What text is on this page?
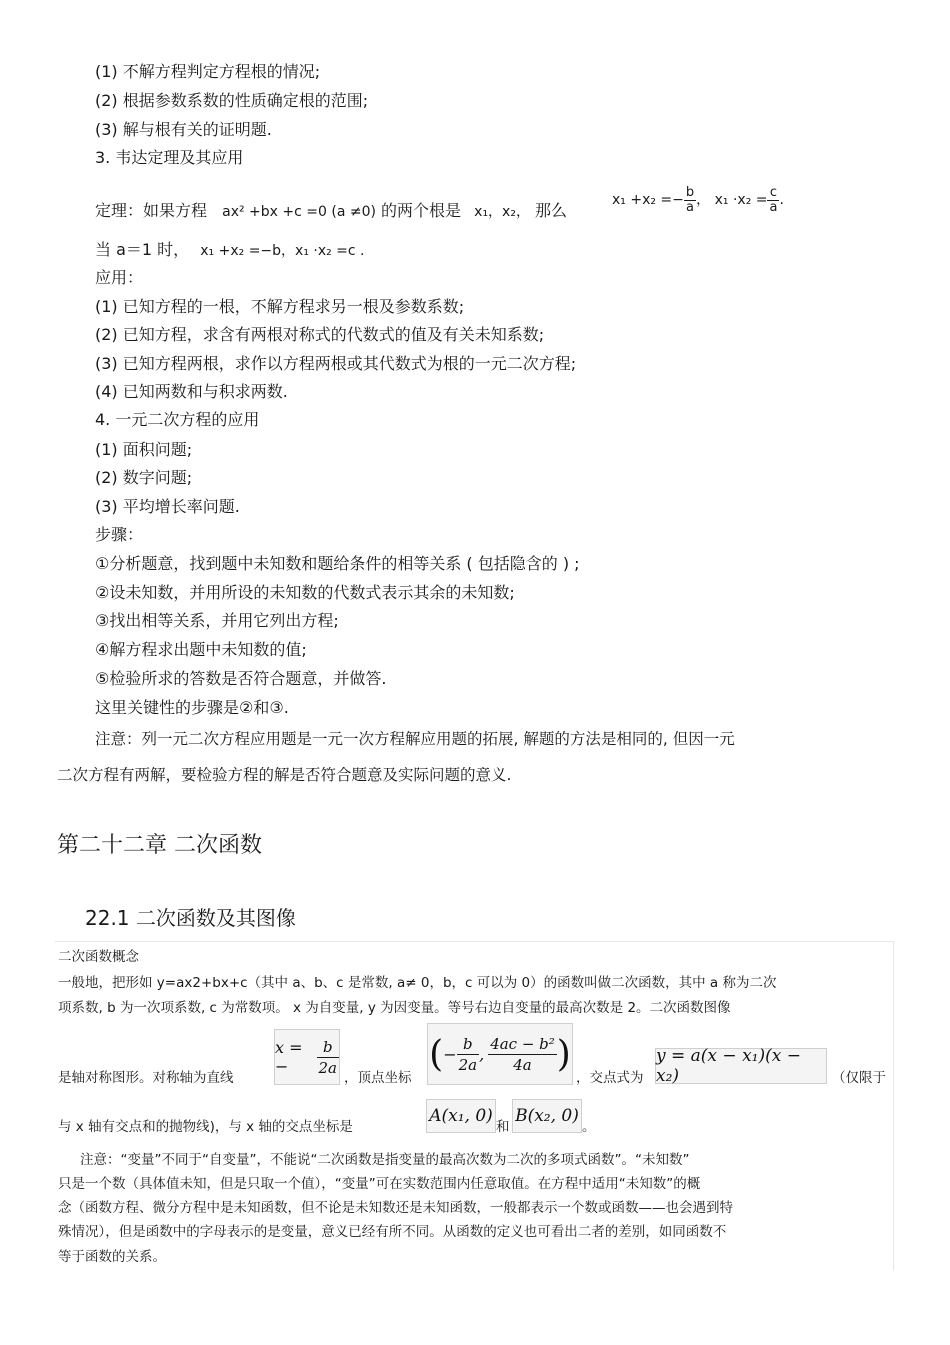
(1) 不解方程判定方程根的情况;
(2) 根据参数系数的性质确定根的范围;
(3) 解与根有关的证明题.
3. 韦达定理及其应用
定理：如果方程 ax² +bx +c =0 (a ≠0) 的两个根是 x₁，x₂， 那么
$x_1 +x_2 =- \frac{b}{a}$ ， $x_1 \cdot x_2 = \frac{c}{a}$ .
当 a＝1 时， x₁ +x₂ =−b，x₁ ·x₂ =c .
应用：
(1) 已知方程的一根，不解方程求另一根及参数系数;
(2) 已知方程，求含有两根对称式的代数式的值及有关未知系数;
(3) 已知方程两根，求作以方程两根或其代数式为根的一元二次方程;
(4) 已知两数和与积求两数.
4. 一元二次方程的应用
(1) 面积问题;
(2) 数字问题;
(3) 平均增长率问题.
步骤：
①分析题意，找到题中未知数和题给条件的相等关系 ( 包括隐含的 ) ;
②设未知数，并用所设的未知数的代数式表示其余的未知数;
③找出相等关系，并用它列出方程;
④解方程求出题中未知数的值;
⑤检验所求的答数是否符合题意，并做答.
这里关键性的步骤是②和③.
注意：列一元二次方程应用题是一元一次方程解应用题的拓展, 解题的方法是相同的, 但因一元
二次方程有两解，要检验方程的解是否符合题意及实际问题的意义.
第二十二章 二次函数
22.1 二次函数及其图像
二次函数概念
一般地，把形如 y=ax2+bx+c（其中 a、b、c 是常数, a≠ 0，b，c 可以为 0）的函数叫做二次函数，其中 a 称为二次
项系数, b 为一次项系数, c 为常数项。 x 为自变量, y 为因变量。等号右边自变量的最高次数是 2。二次函数图像
是轴对称图形。对称轴为直线
x = −	$\frac{b}{2a}$
，顶点坐标
( − $\frac{b}{2a}$ , $\frac{\text{4ac − b²}}{4a}$ )
，交点式为
y = a(x − x₁)(x − x₂)	（仅限于
与 x 轴有交点和的抛物线)，与 x 轴的交点坐标是
A(x₁, 0)
和
B(x₂, 0)
。
注意：“变量”不同于“自变量”，不能说“二次函数是指变量的最高次数为二次的多项式函数”。“未知数”
只是一个数（具体值未知，但是只取一个值），“变量”可在实数范围内任意取值。在方程中适用“未知数”的概
念（函数方程、微分方程中是未知函数，但不论是未知数还是未知函数，一般都表示一个数或函数——也会遇到特
殊情况），但是函数中的字母表示的是变量，意义已经有所不同。从函数的定义也可看出二者的差别，如同函数不
等于函数的关系。
